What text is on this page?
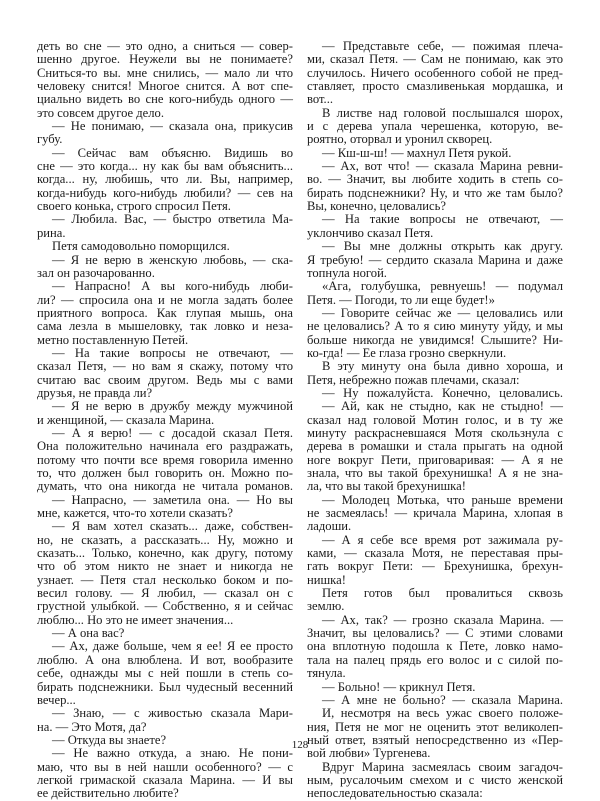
деть во сне — это одно, а сниться — совер-
шенно другое. Неужели вы не понимаете?
Сниться-то вы. мне снились, — мало ли что
человеку снится! Многое снится. А вот спе-
циально видеть во сне кого-нибудь одного —
это совсем другое дело.
— Не понимаю, — сказала она, прикусив
губу.
— Сейчас вам объясню. Видишь во
сне — это когда... ну как бы вам объяснить...
когда... ну, любишь, что ли. Вы, например,
когда-нибудь кого-нибудь любили? — сев на
своего конька, строго спросил Петя.
— Любила. Вас, — быстро ответила Ма-
рина.
Петя самодовольно поморщился.
— Я не верю в женскую любовь, — ска-
зал он разочарованно.
— Напрасно! А вы кого-нибудь люби-
ли? — спросила она и не могла задать более
приятного вопроса. Как глупая мышь, она
сама лезла в мышеловку, так ловко и неза-
метно поставленную Петей.
— На такие вопросы не отвечают, —
сказал Петя, — но вам я скажу, потому что
считаю вас своим другом. Ведь мы с вами
друзья, не правда ли?
— Я не верю в дружбу между мужчиной
и женщиной, — сказала Марина.
— А я верю! — с досадой сказал Петя.
Она положительно начинала его раздражать,
потому что почти все время говорила именно
то, что должен был говорить он. Можно по-
думать, что она никогда не читала романов.
— Напрасно, — заметила она. — Но вы
мне, кажется, что-то хотели сказать?
— Я вам хотел сказать... даже, собствен-
но, не сказать, а рассказать... Ну, можно и
сказать... Только, конечно, как другу, потому
что об этом никто не знает и никогда не
узнает. — Петя стал несколько боком и по-
весил голову. — Я любил, — сказал он с
грустной улыбкой. — Собственно, я и сейчас
люблю... Но это не имеет значения...
— А она вас?
— Ах, даже больше, чем я ее! Я ее просто
люблю. А она влюблена. И вот, вообразите
себе, однажды мы с ней пошли в степь со-
бирать подснежники. Был чудесный весенний
вечер...
— Знаю, — с живостью сказала Мари-
на. — Это Мотя, да?
— Откуда вы знаете?
— Не важно откуда, а знаю. Не пони-
маю, что вы в ней нашли особенного? — с
легкой гримаской сказала Марина. — И вы
ее действительно любите?
— Представьте себе, — пожимая плеча-
ми, сказал Петя. — Сам не понимаю, как это
случилось. Ничего особенного собой не пред-
ставляет, просто смазливенькая мордашка, и
вот...
В листве над головой послышался шорох,
и с дерева упала черешенка, которую, ве-
роятно, оторвал и уронил скворец.
— Кш-ш-ш! — махнул Петя рукой.
— Ах, вот что! — сказала Марина ревни-
во. — Значит, вы любите ходить в степь со-
бирать подснежники? Ну, и что же там было?
Вы, конечно, целовались?
— На такие вопросы не отвечают, —
уклончиво сказал Петя.
— Вы мне должны открыть как другу.
Я требую! — сердито сказала Марина и даже
топнула ногой.
«Ага, голубушка, ревнуешь! — подумал
Петя. — Погоди, то ли еще будет!»
— Говорите сейчас же — целовались или
не целовались? А то я сию минуту уйду, и мы
больше никогда не увидимся! Слышите? Ни-
ко-гда! — Ее глаза грозно сверкнули.
В эту минуту она была дивно хороша, и
Петя, небрежно пожав плечами, сказал:
— Ну пожалуйста. Конечно, целовались.
— Ай, как не стыдно, как не стыдно! —
сказал над головой Мотин голос, и в ту же
минуту раскрасневшаяся Мотя скользнула с
дерева в ромашки и стала прыгать на одной
ноге вокруг Пети, приговаривая: — А я не
знала, что вы такой брехунишка! А я не зна-
ла, что вы такой брехунишка!
— Молодец Мотька, что раньше времени
не засмеялась! — кричала Марина, хлопая в
ладоши.
— А я себе все время рот зажимала ру-
ками, — сказала Мотя, не переставая пры-
гать вокруг Пети: — Брехунишка, брехун-
нишка!
Петя готов был провалиться сквозь
землю.
— Ах, так? — грозно сказала Марина. —
Значит, вы целовались? — С этими словами
она вплотную подошла к Пете, ловко намо-
тала на палец прядь его волос и с силой по-
тянула.
— Больно! — крикнул Петя.
— А мне не больно? — сказала Марина.
И, несмотря на весь ужас своего положе-
ния, Петя не мог не оценить этот великолеп-
ный ответ, взятый непосредственно из «Пер-
вой любви» Тургенева.
Вдруг Марина засмеялась своим загадоч-
ным, русалочьим смехом и с чисто женской
непоследовательностью сказала:
128
